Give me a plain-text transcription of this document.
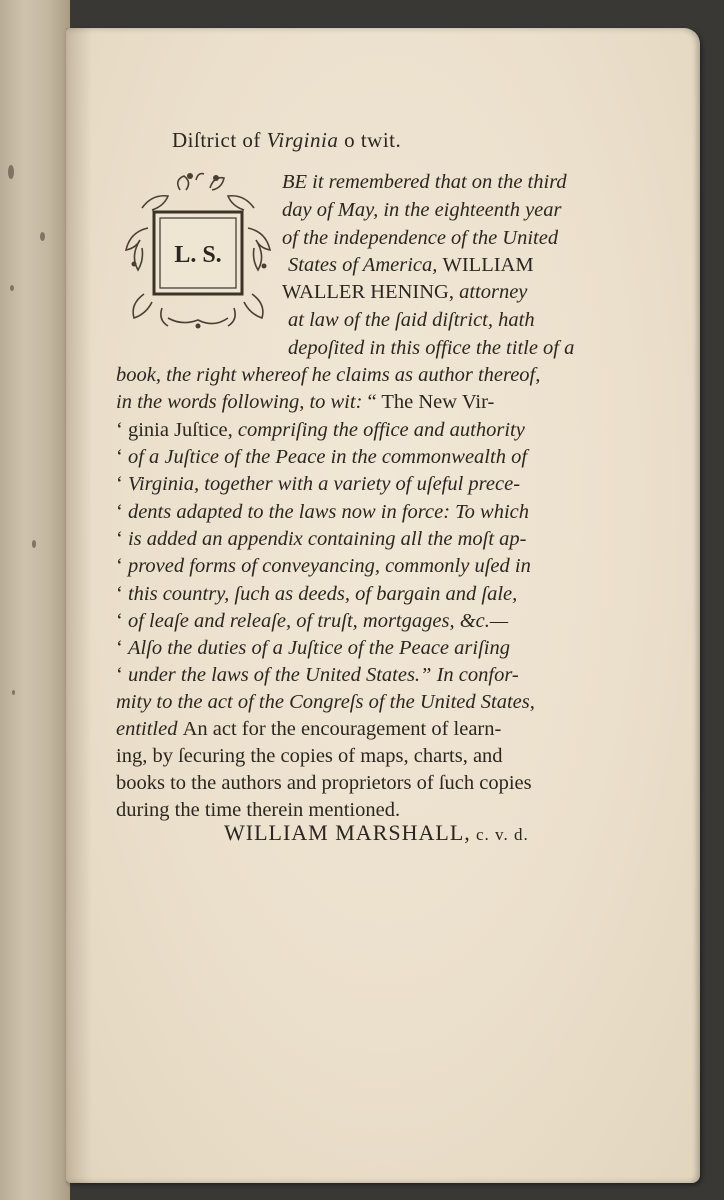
Diſtrict of Virginia o twit.
L. S.
BE it remembered that on the third
day of May, in the eighteenth year
of the independence of the United
States of America, WILLIAM
WALLER HENING, attorney
at law of the ſaid diſtrict, hath
depoſited in this office the title of a
book, the right whereof he claims as author thereof,
in the words following, to wit: “ The New Vir-
‘ ginia Juſtice, compriſing the office and authority
‘ of a Juſtice of the Peace in the commonwealth of
‘ Virginia, together with a variety of uſeful prece-
‘ dents adapted to the laws now in force: To which
‘ is added an appendix containing all the moſt ap-
‘ proved forms of conveyancing, commonly uſed in
‘ this country, ſuch as deeds, of bargain and ſale,
‘ of leaſe and releaſe, of truſt, mortgages, &c.—
‘ Alſo the duties of a Juſtice of the Peace ariſing
‘ under the laws of the United States.” In confor-
mity to the act of the Congreſs of the United States,
entitled An act for the encouragement of learn-
ing, by ſecuring the copies of maps, charts, and
books to the authors and proprietors of ſuch copies
during the time therein mentioned.
WILLIAM MARSHALL, c. v. d.
